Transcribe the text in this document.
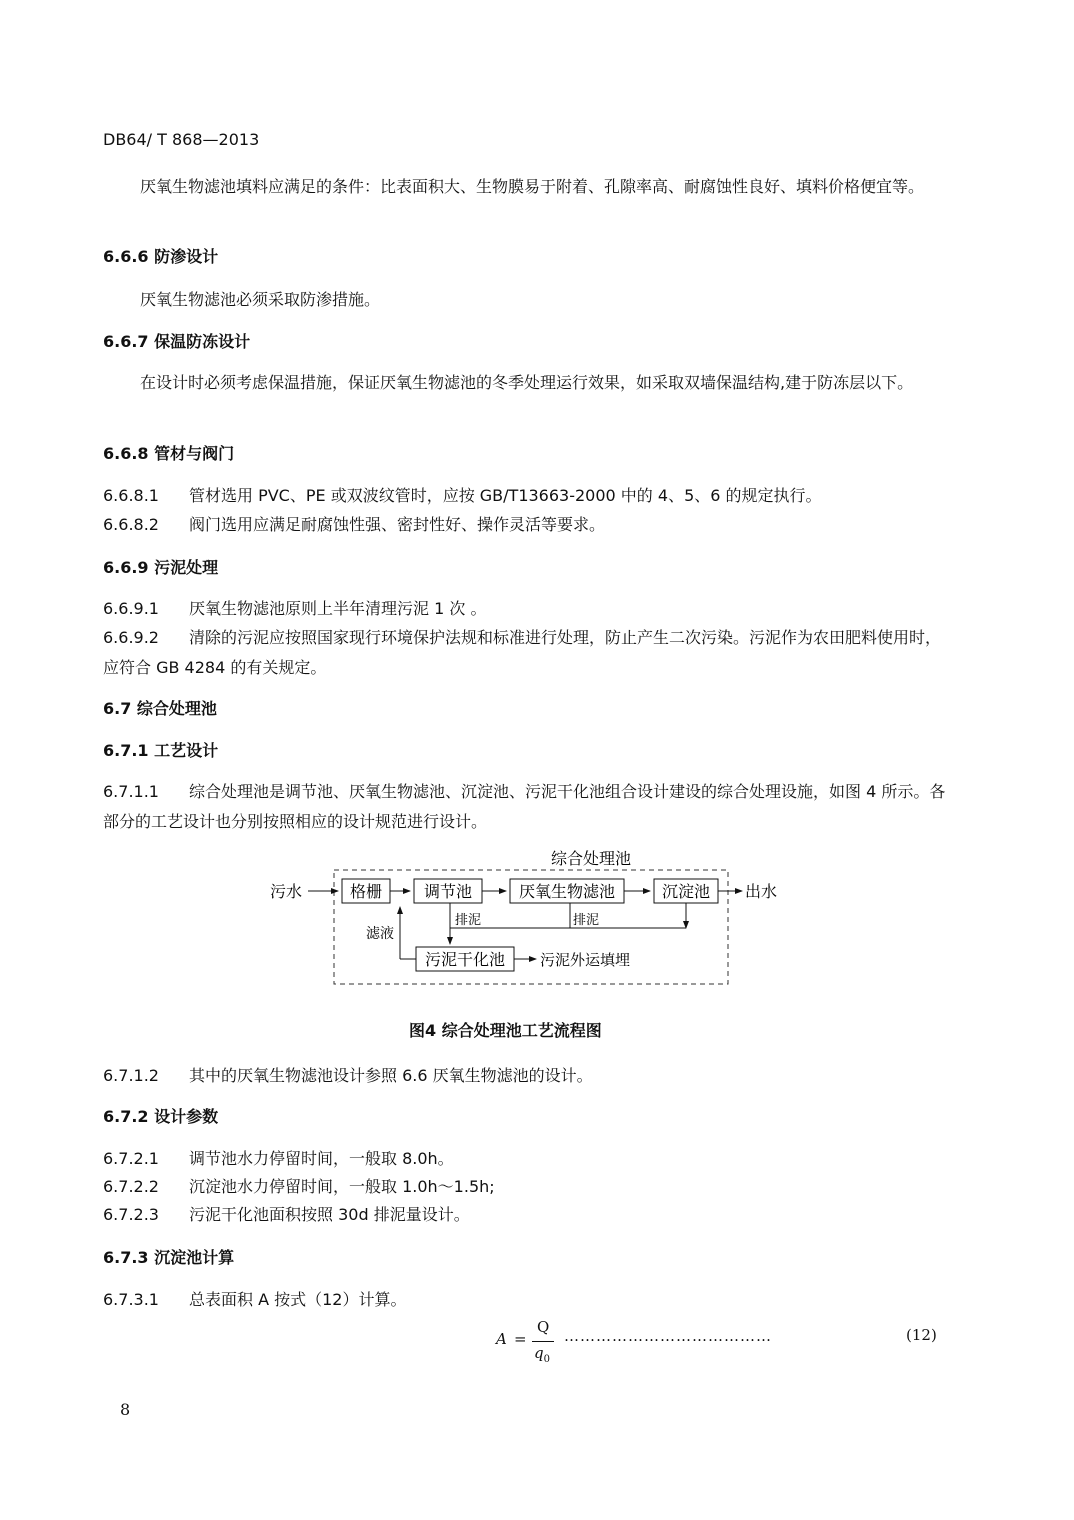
DB64/ T 868—2013
厌氧生物滤池填料应满足的条件：比表面积大、生物膜易于附着、孔隙率高、耐腐蚀性良好、填料价格便宜等。
6.6.6 防渗设计
厌氧生物滤池必须采取防渗措施。
6.6.7 保温防冻设计
在设计时必须考虑保温措施，保证厌氧生物滤池的冬季处理运行效果，如采取双墙保温结构,建于防冻层以下。
6.6.8 管材与阀门
6.6.8.1 管材选用 PVC、PE 或双波纹管时，应按 GB/T13663-2000 中的 4、5、6 的规定执行。
6.6.8.2 阀门选用应满足耐腐蚀性强、密封性好、操作灵活等要求。
6.6.9 污泥处理
6.6.9.1 厌氧生物滤池原则上半年清理污泥 1 次 。
6.6.9.2 清除的污泥应按照国家现行环境保护法规和标准进行处理，防止产生二次污染。污泥作为农田肥料使用时，应符合 GB 4284 的有关规定。
6.7 综合处理池
6.7.1 工艺设计
6.7.1.1 综合处理池是调节池、厌氧生物滤池、沉淀池、污泥干化池组合设计建设的综合处理设施，如图 4 所示。各部分的工艺设计也分别按照相应的设计规范进行设计。
综合处理池
污水	格栅	调节池	厌氧生物滤池	沉淀池 出水
排泥	排泥
污泥干化池 污泥外运填埋
滤液
图4 综合处理池工艺流程图
6.7.1.2 其中的厌氧生物滤池设计参照 6.6 厌氧生物滤池的设计。
6.7.2 设计参数
6.7.2.1 调节池水力停留时间，一般取 8.0h。
6.7.2.2 沉淀池水力停留时间，一般取 1.0h～1.5h;
6.7.2.3 污泥干化池面积按照 30d 排泥量设计。
6.7.3 沉淀池计算
6.7.3.1 总表面积 A 按式（12）计算。
A =
Q
$q_0$
…………………………………	(12)
8
